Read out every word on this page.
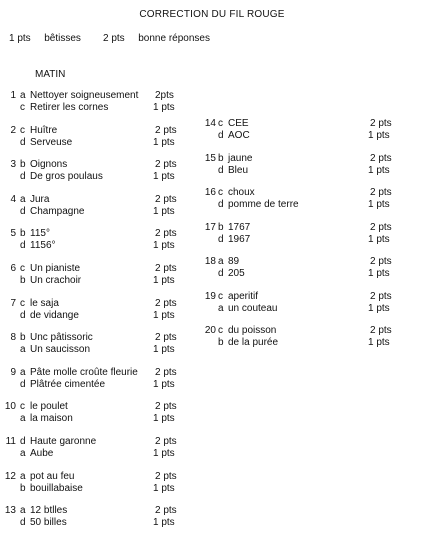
CORRECTION DU FIL ROUGE
1 pts bêtisses 2 pts bonne réponses
MATIN
1 a Nettoyer soigneusement 2pts
c Retirer les cornes	1 pts
2 c Huître	2 pts
d Serveuse	1 pts
3 b Oignons	2 pts
d De gros poulaus	1 pts
4 a Jura	2 pts
d Champagne	1 pts
5 b 115°	2 pts
d 1156°	1 pts
6 c Un pianiste	2 pts
b Un crachoir	1 pts
7 c le saja	2 pts
d de vidange	1 pts
8 b Unc pâtissoric	2 pts
a Un saucisson	1 pts
9 a Pâte molle croûte fleurie 2 pts
d Plâtrée cimentée	1 pts
10 c le poulet	2 pts
a la maison	1 pts
11 d Haute garonne	2 pts
a Aube	1 pts
12 a pot au feu	2 pts
b bouillabaise	1 pts
13 a 12 btlles	2 pts
d 50 billes	1 pts
14 c CEE	2 pts
d AOC	1 pts
15 b jaune	2 pts
d Bleu	1 pts
16 c choux	2 pts
d pomme de terre	1 pts
17 b 1767	2 pts
d 1967	1 pts
18 a 89	2 pts
d 205	1 pts
19 c aperitif	2 pts
a un couteau	1 pts
20 c du poisson	2 pts
b de la purée	1 pts
